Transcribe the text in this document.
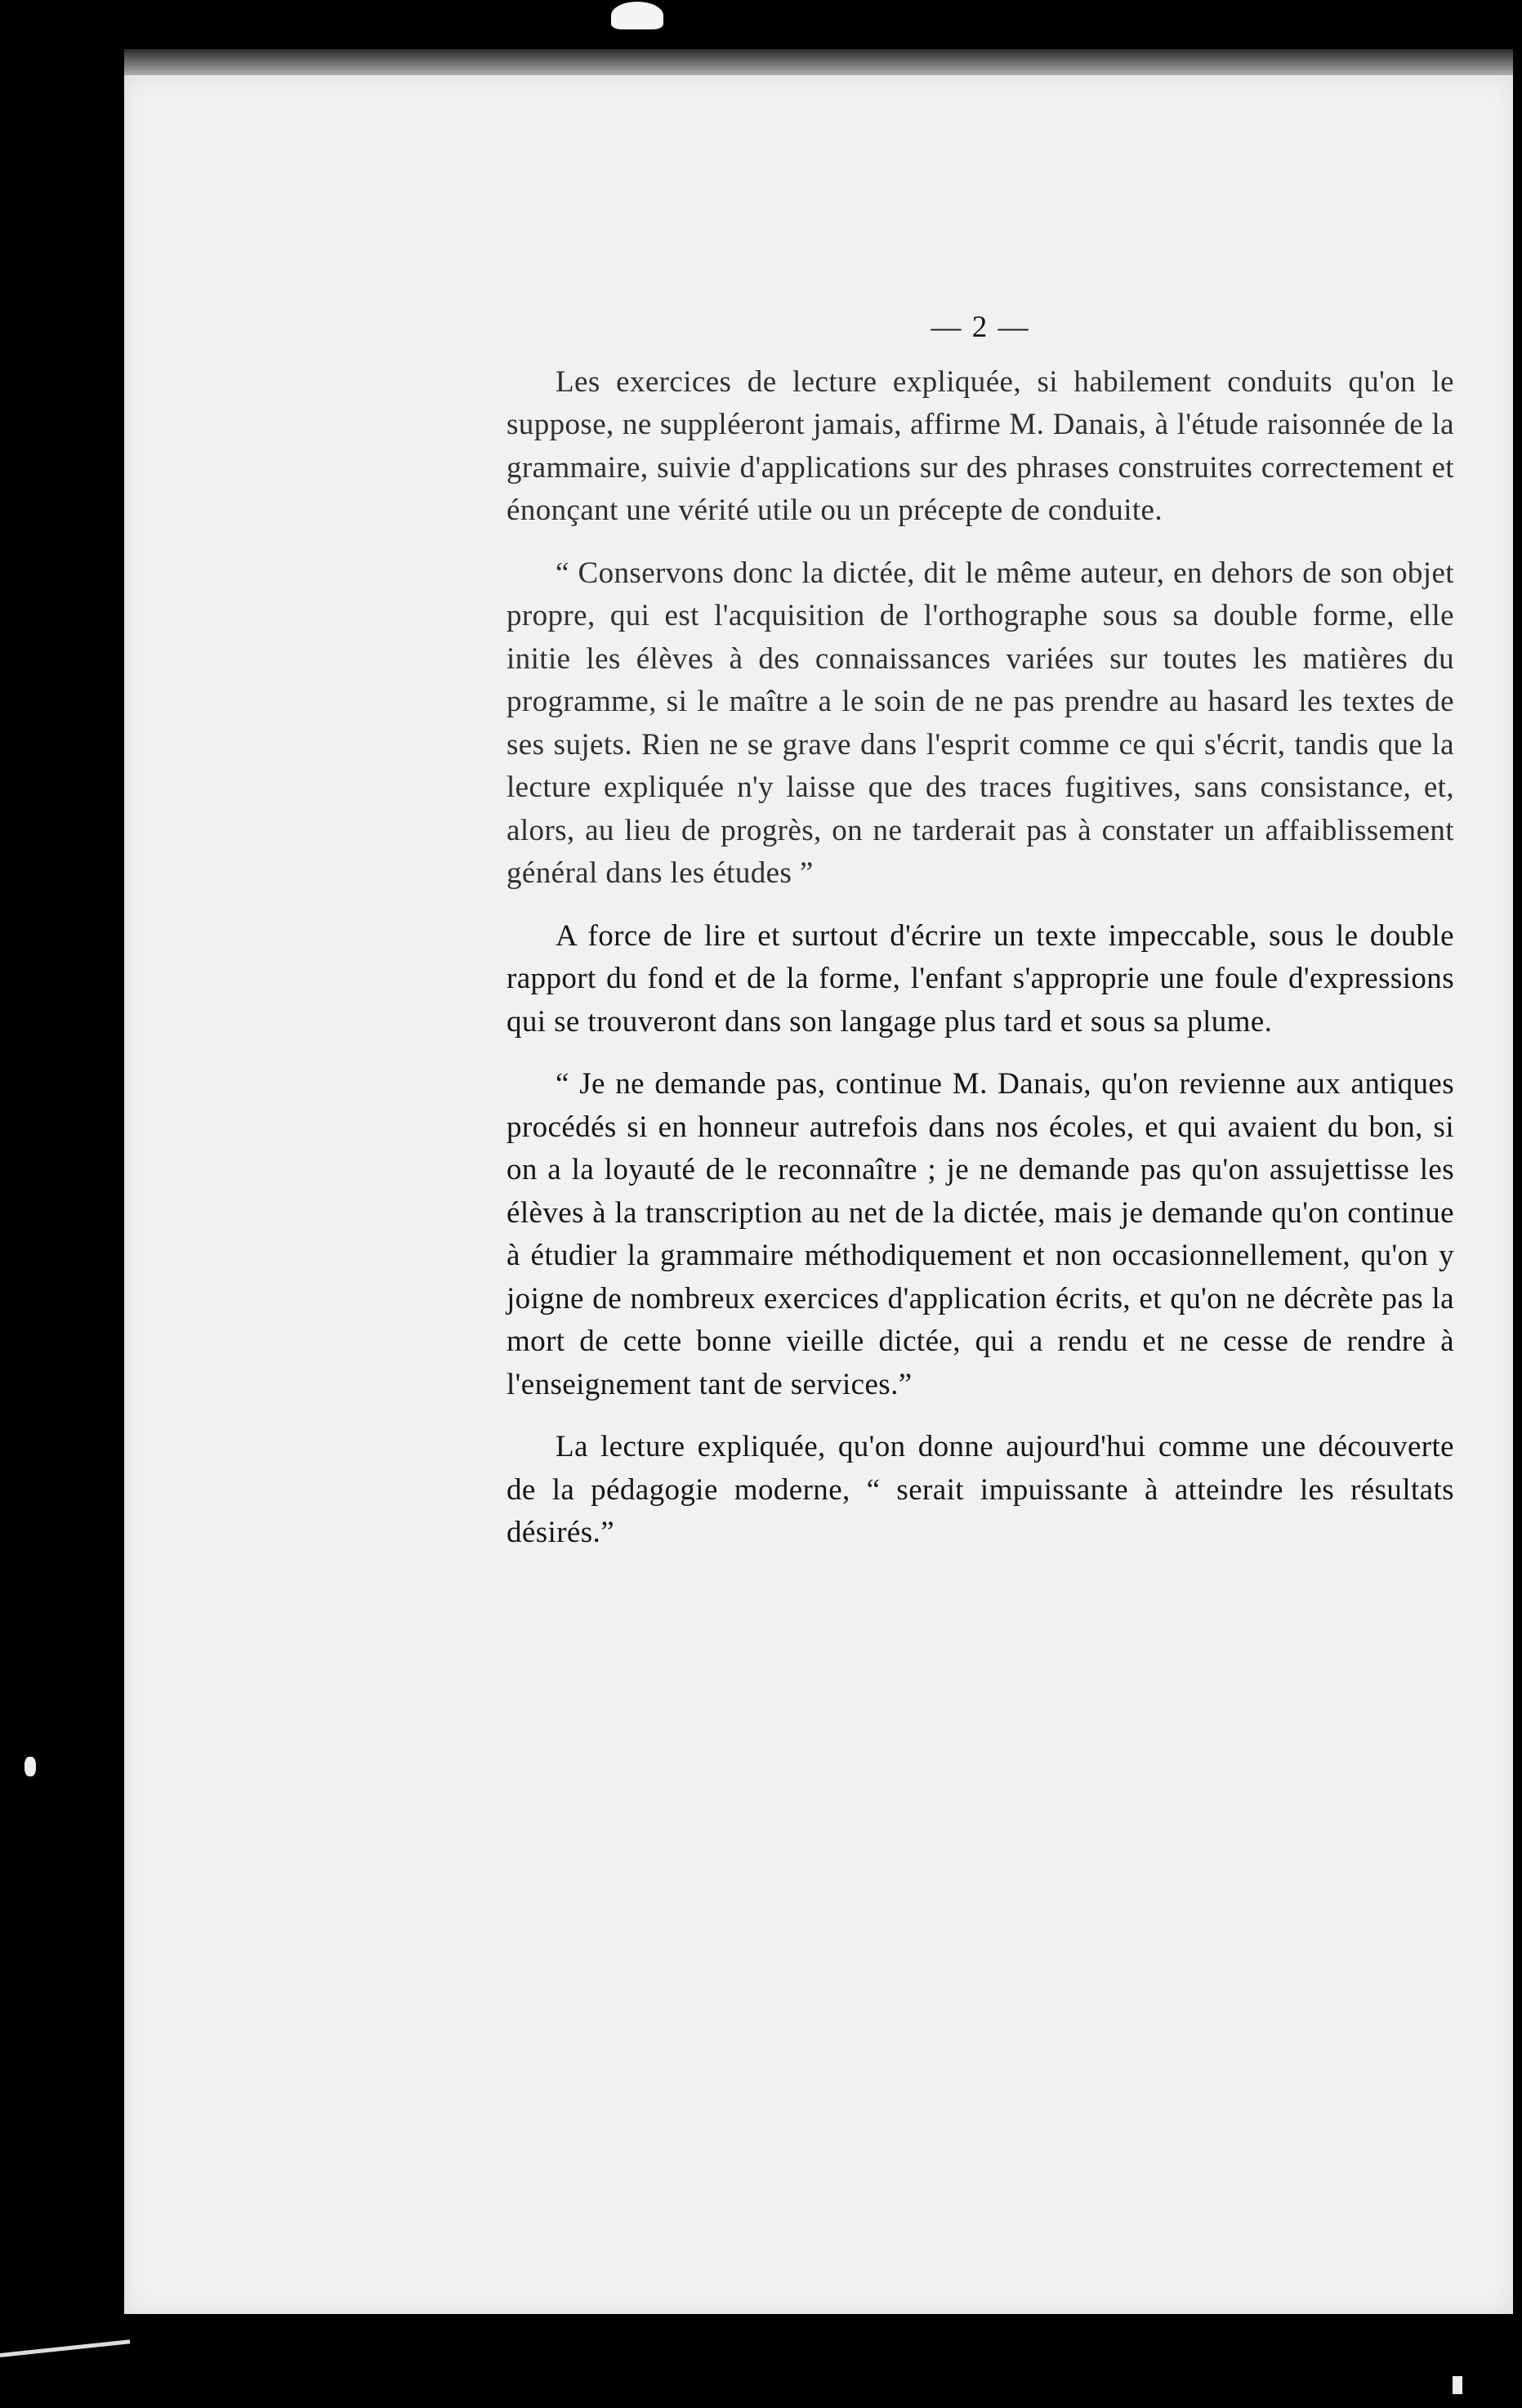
— 2 —

Les exercices de lecture expliquée, si habilement conduits qu'on le suppose, ne suppléeront jamais, affirme M. Danais, à l'étude raisonnée de la grammaire, suivie d'applications sur des phrases construites correctement et énonçant une vérité utile ou un précepte de conduite.

“ Conservons donc la dictée, dit le même auteur, en dehors de son objet propre, qui est l'acquisition de l'orthographe sous sa double forme, elle initie les élèves à des connaissances variées sur toutes les matières du programme, si le maître a le soin de ne pas prendre au hasard les textes de ses sujets. Rien ne se grave dans l'esprit comme ce qui s'écrit, tandis que la lecture expliquée n'y laisse que des traces fugitives, sans consistance, et, alors, au lieu de progrès, on ne tarderait pas à constater un affaiblissement général dans les études ”

A force de lire et surtout d'écrire un texte impeccable, sous le double rapport du fond et de la forme, l'enfant s'approprie une foule d'expressions qui se trouveront dans son langage plus tard et sous sa plume.

“ Je ne demande pas, continue M. Danais, qu'on revienne aux antiques procédés si en honneur autrefois dans nos écoles, et qui avaient du bon, si on a la loyauté de le reconnaître ; je ne demande pas qu'on assujettisse les élèves à la transcription au net de la dictée, mais je demande qu'on continue à étudier la grammaire méthodiquement et non occasionnellement, qu'on y joigne de nombreux exercices d'application écrits, et qu'on ne décrète pas la mort de cette bonne vieille dictée, qui a rendu et ne cesse de rendre à l'enseignement tant de services.”

La lecture expliquée, qu'on donne aujourd'hui comme une découverte de la pédagogie moderne, “ serait impuissante à atteindre les résultats désirés.”
